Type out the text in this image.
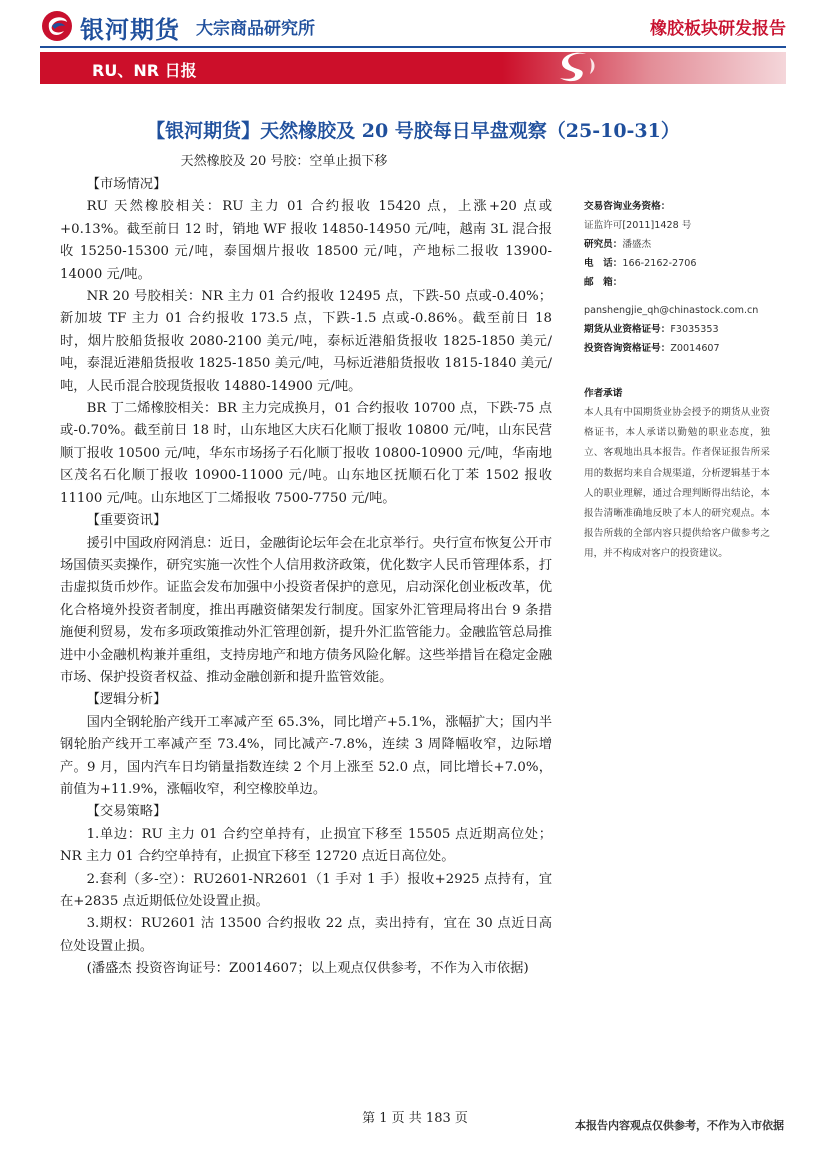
银河期货 大宗商品研究所	橡胶板块研发报告
RU、NR 日报
【银河期货】天然橡胶及 20 号胶每日早盘观察（25-10-31）
天然橡胶及 20 号胶：空单止损下移

【市场情况】

RU 天然橡胶相关：RU 主力 01 合约报收 15420 点，上涨+20 点或+0.13%。截至前日 12 时，销地 WF 报收 14850-14950 元/吨，越南 3L 混合报收 15250-15300 元/吨，泰国烟片报收 18500 元/吨，产地标二报收 13900-14000 元/吨。

NR 20 号胶相关：NR 主力 01 合约报收 12495 点，下跌-50 点或-0.40%；新加坡 TF 主力 01 合约报收 173.5 点，下跌-1.5 点或-0.86%。截至前日 18 时，烟片胶船货报收 2080-2100 美元/吨，泰标近港船货报收 1825-1850 美元/吨，泰混近港船货报收 1825-1850 美元/吨，马标近港船货报收 1815-1840 美元/吨，人民币混合胶现货报收 14880-14900 元/吨。

BR 丁二烯橡胶相关：BR 主力完成换月，01 合约报收 10700 点，下跌-75 点或-0.70%。截至前日 18 时，山东地区大庆石化顺丁报收 10800 元/吨，山东民营顺丁报收 10500 元/吨，华东市场扬子石化顺丁报收 10800-10900 元/吨，华南地区茂名石化顺丁报收 10900-11000 元/吨。山东地区抚顺石化丁苯 1502 报收 11100 元/吨。山东地区丁二烯报收 7500-7750 元/吨。

【重要资讯】

援引中国政府网消息：近日，金融街论坛年会在北京举行。央行宣布恢复公开市场国债买卖操作，研究实施一次性个人信用救济政策，优化数字人民币管理体系，打击虚拟货币炒作。证监会发布加强中小投资者保护的意见，启动深化创业板改革，优化合格境外投资者制度，推出再融资储架发行制度。国家外汇管理局将出台 9 条措施便利贸易，发布多项政策推动外汇管理创新，提升外汇监管能力。金融监管总局推进中小金融机构兼并重组，支持房地产和地方债务风险化解。这些举措旨在稳定金融市场、保护投资者权益、推动金融创新和提升监管效能。

【逻辑分析】

国内全钢轮胎产线开工率减产至 65.3%，同比增产+5.1%，涨幅扩大；国内半钢轮胎产线开工率减产至 73.4%，同比减产-7.8%，连续 3 周降幅收窄，边际增产。9 月，国内汽车日均销量指数连续 2 个月上涨至 52.0 点，同比增长+7.0%，前值为+11.9%，涨幅收窄，利空橡胶单边。

【交易策略】

1.单边：RU 主力 01 合约空单持有，止损宜下移至 15505 点近期高位处；NR 主力 01 合约空单持有，止损宜下移至 12720 点近日高位处。

2.套利（多-空）：RU2601-NR2601（1 手对 1 手）报收+2925 点持有，宜在+2835 点近期低位处设置止损。

3.期权：RU2601 沽 13500 合约报收 22 点，卖出持有，宜在 30 点近日高位处设置止损。

(潘盛杰 投资咨询证号：Z0014607；以上观点仅供参考，不作为入市依据)

交易咨询业务资格：
证监许可[2011]1428 号
研究员：潘盛杰
电　话：166-2162-2706
邮　箱：
panshengjie_qh@chinastock.com.cn
期货从业资格证号：F3035353
投资咨询资格证号：Z0014607
作者承诺
本人具有中国期货业协会授予的期货从业资格证书，本人承诺以勤勉的职业态度，独立、客观地出具本报告。作者保证报告所采用的数据均来自合规渠道，分析逻辑基于本人的职业理解，通过合理判断得出结论，本报告清晰准确地反映了本人的研究观点。本报告所载的全部内容只提供给客户做参考之用，并不构成对客户的投资建议。
第 1 页 共 183 页	本报告内容观点仅供参考，不作为入市依据
